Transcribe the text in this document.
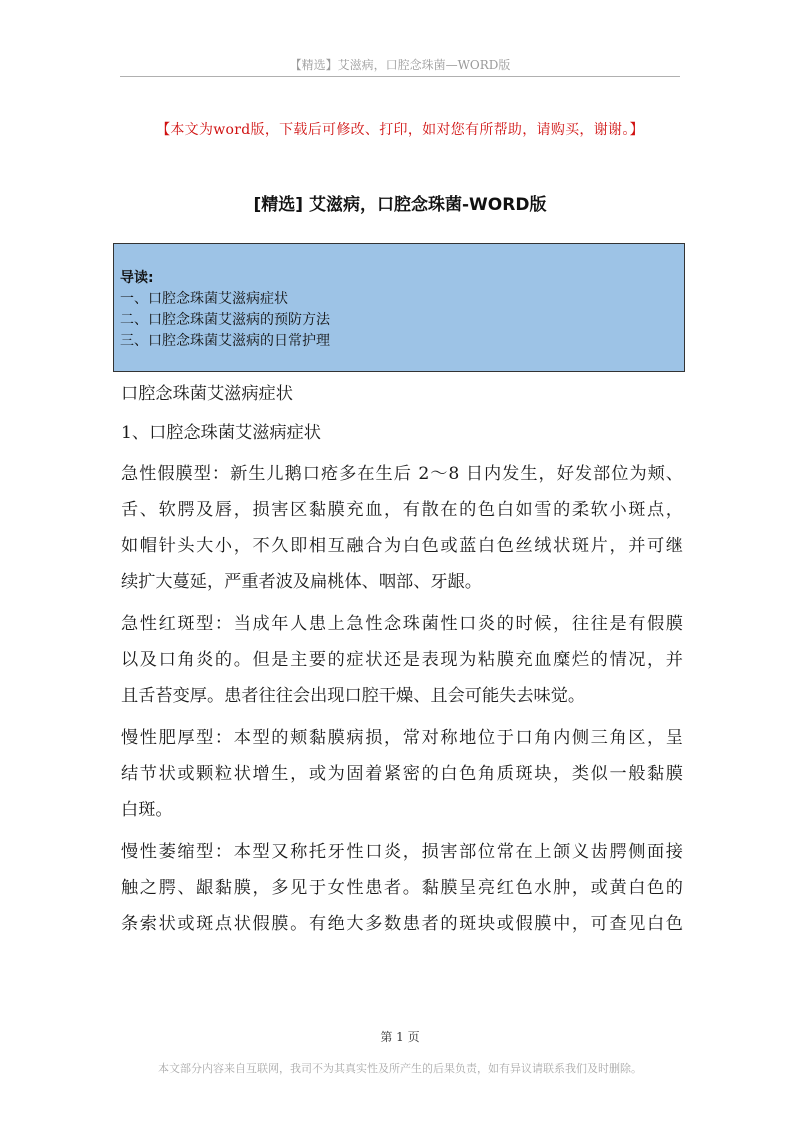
【精选】艾滋病，口腔念珠菌—WORD版
【本文为word版，下载后可修改、打印，如对您有所帮助，请购买，谢谢。】
[精选] 艾滋病，口腔念珠菌-WORD版
导读:
一、口腔念珠菌艾滋病症状
二、口腔念珠菌艾滋病的预防方法
三、口腔念珠菌艾滋病的日常护理
口腔念珠菌艾滋病症状
1、口腔念珠菌艾滋病症状
急性假膜型：新生儿鹅口疮多在生后 2～8 日内发生，好发部位为颊、
舌、软腭及唇，损害区黏膜充血，有散在的色白如雪的柔软小斑点，
如帽针头大小，不久即相互融合为白色或蓝白色丝绒状斑片，并可继
续扩大蔓延，严重者波及扁桃体、咽部、牙龈。
急性红斑型：当成年人患上急性念珠菌性口炎的时候，往往是有假膜
以及口角炎的。但是主要的症状还是表现为粘膜充血糜烂的情况，并
且舌苔变厚。患者往往会出现口腔干燥、且会可能失去味觉。
慢性肥厚型：本型的颊黏膜病损，常对称地位于口角内侧三角区，呈
结节状或颗粒状增生，或为固着紧密的白色角质斑块，类似一般黏膜
白斑。
慢性萎缩型：本型又称托牙性口炎，损害部位常在上颌义齿腭侧面接
触之腭、龈黏膜，多见于女性患者。黏膜呈亮红色水肿，或黄白色的
条索状或斑点状假膜。有绝大多数患者的斑块或假膜中，可查见白色
第 1 页
本文部分内容来自互联网，我司不为其真实性及所产生的后果负责，如有异议请联系我们及时删除。
